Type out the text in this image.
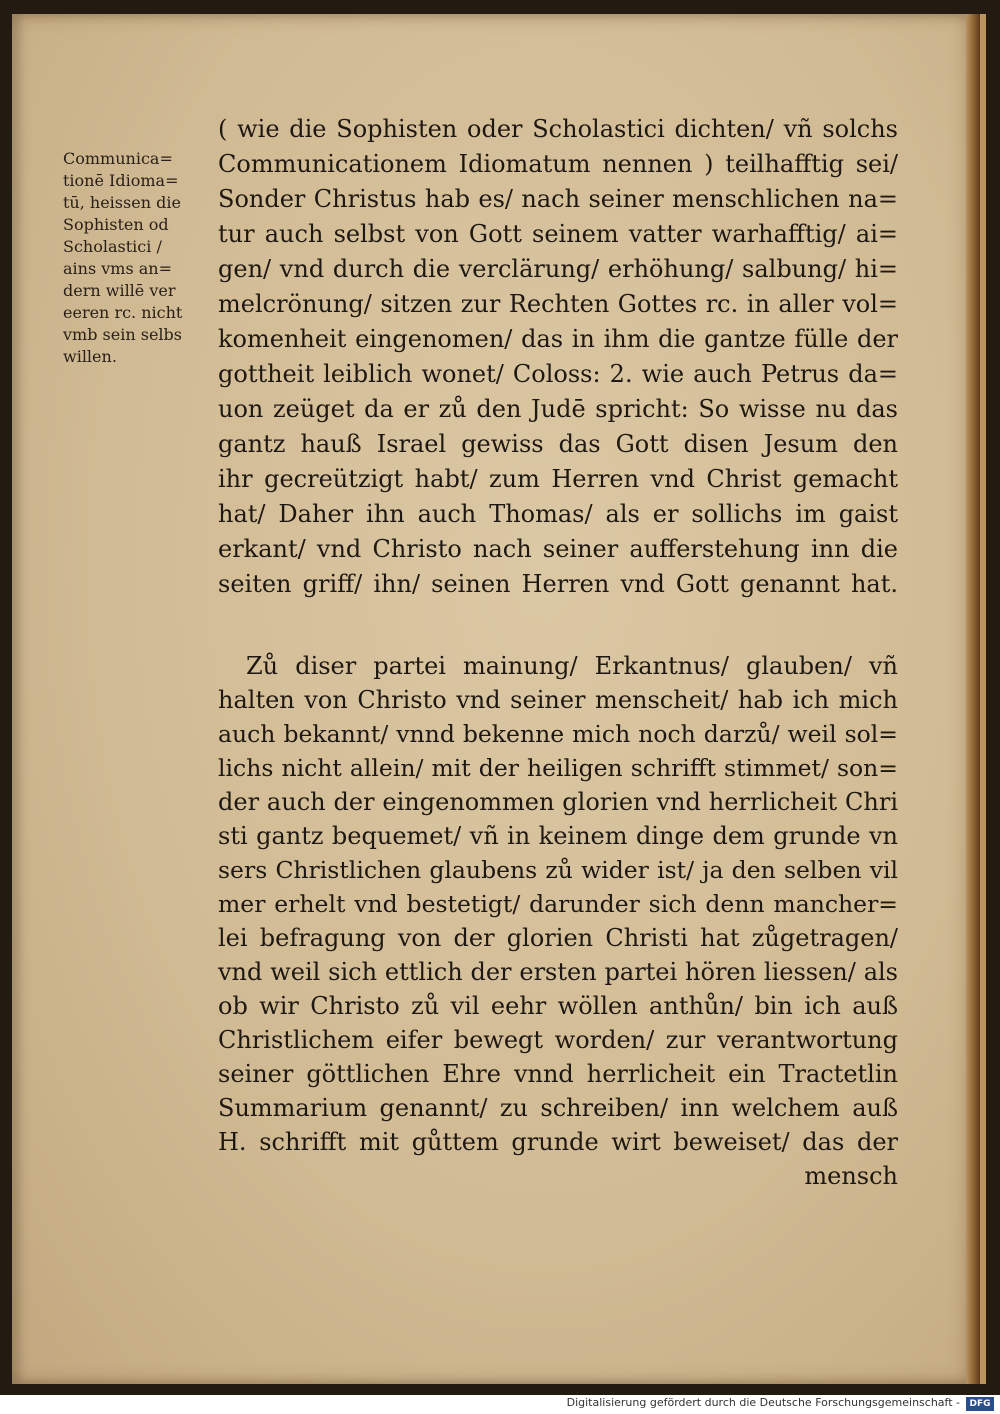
Communica=
tionē Idioma=
tū, heissen die
Sophisten od
Scholastici /
ains vms an=
dern willē ver
eeren rc. nicht
vmb sein selbs
willen.
( wie die Sophisten oder Scholastici dichten/ vñ solchs
Communicationem Idiomatum nennen ) teilhafftig sei/
Sonder Christus hab es/ nach seiner menschlichen na=
tur auch selbst von Gott seinem vatter warhafftig/ ai=
gen/ vnd durch die verclärung/ erhöhung/ salbung/ hi=
melcrönung/ sitzen zur Rechten Gottes rc. in aller vol=
komenheit eingenomen/ das in ihm die gantze fülle der
gottheit leiblich wonet/ Coloss: 2. wie auch Petrus da=
uon zeüget da er zů den Judē spricht: So wisse nu das
gantz hauß Israel gewiss das Gott disen Jesum den
ihr gecreützigt habt/ zum Herren vnd Christ gemacht
hat/ Daher ihn auch Thomas/ als er sollichs im gaist
erkant/ vnd Christo nach seiner aufferstehung inn die
seiten griff/ ihn/ seinen Herren vnd Gott genannt hat.
Zů diser partei mainung/ Erkantnus/ glauben/ vñ
halten von Christo vnd seiner menscheit/ hab ich mich
auch bekannt/ vnnd bekenne mich noch darzů/ weil sol=
lichs nicht allein/ mit der heiligen schrifft stimmet/ son=
der auch der eingenommen glorien vnd herrlicheit Chri
sti gantz bequemet/ vñ in keinem dinge dem grunde vn
sers Christlichen glaubens zů wider ist/ ja den selben vil
mer erhelt vnd bestetigt/ darunder sich denn mancher=
lei befragung von der glorien Christi hat zůgetragen/
vnd weil sich ettlich der ersten partei hören liessen/ als
ob wir Christo zů vil eehr wöllen anthůn/ bin ich auß
Christlichem eifer bewegt worden/ zur verantwortung
seiner göttlichen Ehre vnnd herrlicheit ein Tractetlin
Summarium genannt/ zu schreiben/ inn welchem auß
H. schrifft mit gůttem grunde wirt beweiset/ das der
mensch
Digitalisierung gefördert durch die Deutsche Forschungsgemeinschaft -	DFG
